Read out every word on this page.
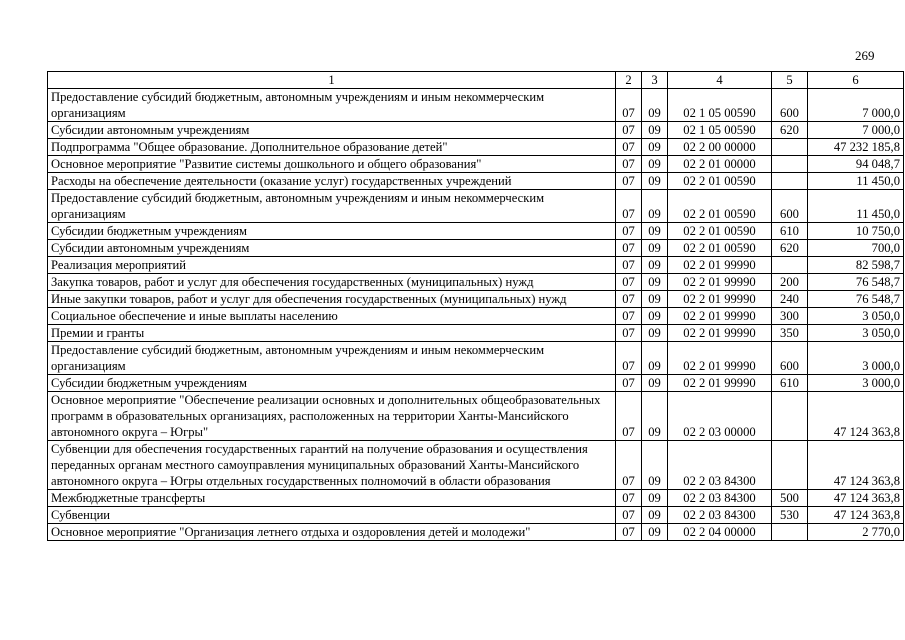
269
1	2	3	4	5	6
Предоставление субсидий бюджетным, автономным учреждениям и иным некоммерческим организациям	07	09	02 1 05 00590	600	7 000,0
Субсидии автономным учреждениям	07	09	02 1 05 00590	620	7 000,0
Подпрограмма "Общее образование. Дополнительное образование детей"	07	09	02 2 00 00000		47 232 185,8
Основное мероприятие "Развитие системы дошкольного и общего образования"	07	09	02 2 01 00000		94 048,7
Расходы на обеспечение деятельности (оказание услуг) государственных учреждений	07	09	02 2 01 00590		11 450,0
Предоставление субсидий бюджетным, автономным учреждениям и иным некоммерческим организациям	07	09	02 2 01 00590	600	11 450,0
Субсидии бюджетным учреждениям	07	09	02 2 01 00590	610	10 750,0
Субсидии автономным учреждениям	07	09	02 2 01 00590	620	700,0
Реализация мероприятий	07	09	02 2 01 99990		82 598,7
Закупка товаров, работ и услуг для обеспечения государственных (муниципальных) нужд	07	09	02 2 01 99990	200	76 548,7
Иные закупки товаров, работ и услуг для обеспечения государственных (муниципальных) нужд	07	09	02 2 01 99990	240	76 548,7
Социальное обеспечение и иные выплаты населению	07	09	02 2 01 99990	300	3 050,0
Премии и гранты	07	09	02 2 01 99990	350	3 050,0
Предоставление субсидий бюджетным, автономным учреждениям и иным некоммерческим организациям	07	09	02 2 01 99990	600	3 000,0
Субсидии бюджетным учреждениям	07	09	02 2 01 99990	610	3 000,0
Основное мероприятие "Обеспечение реализации основных и дополнительных общеобразовательных программ в образовательных организациях, расположенных на территории Ханты-Мансийского автономного округа – Югры"	07	09	02 2 03 00000		47 124 363,8
Субвенции для обеспечения государственных гарантий на получение образования и осуществления переданных органам местного самоуправления муниципальных образований Ханты-Мансийского автономного округа – Югры отдельных государственных полномочий в области образования	07	09	02 2 03 84300		47 124 363,8
Межбюджетные трансферты	07	09	02 2 03 84300	500	47 124 363,8
Субвенции	07	09	02 2 03 84300	530	47 124 363,8
Основное мероприятие "Организация летнего отдыха и оздоровления детей и молодежи"	07	09	02 2 04 00000		2 770,0
